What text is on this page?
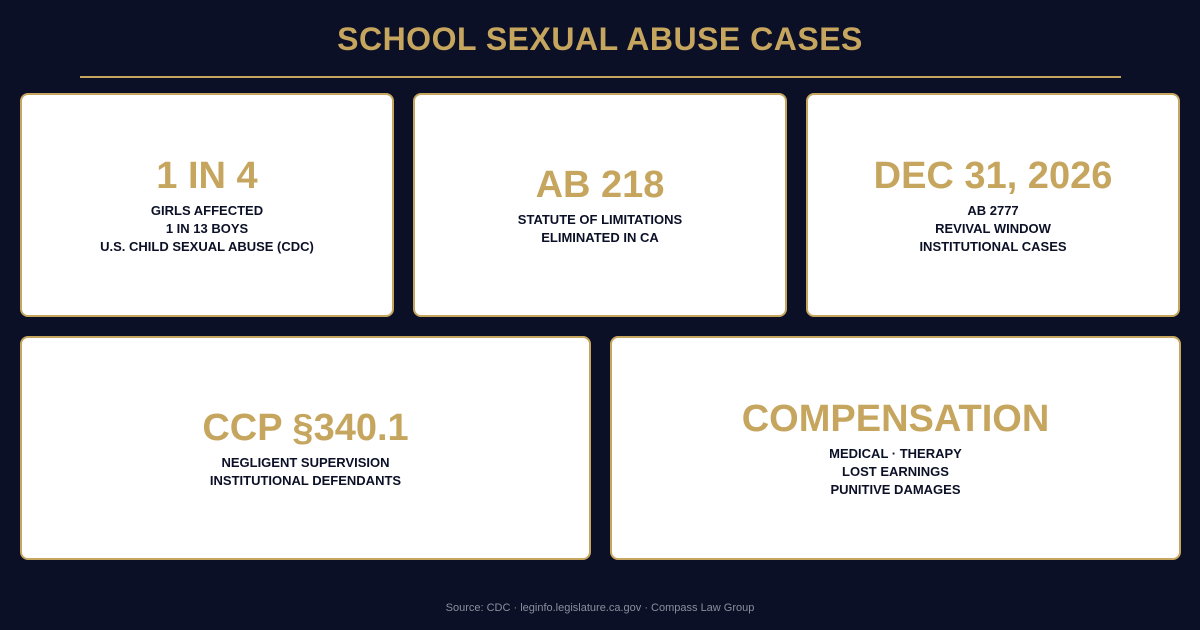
SCHOOL SEXUAL ABUSE CASES
1 IN 4
GIRLS AFFECTED
1 IN 13 BOYS
U.S. CHILD SEXUAL ABUSE (CDC)
AB 218
STATUTE OF LIMITATIONS
ELIMINATED IN CA
DEC 31, 2026
AB 2777
REVIVAL WINDOW
INSTITUTIONAL CASES
CCP §340.1
NEGLIGENT SUPERVISION
INSTITUTIONAL DEFENDANTS
COMPENSATION
MEDICAL · THERAPY
LOST EARNINGS
PUNITIVE DAMAGES
Source: CDC · leginfo.legislature.ca.gov · Compass Law Group
